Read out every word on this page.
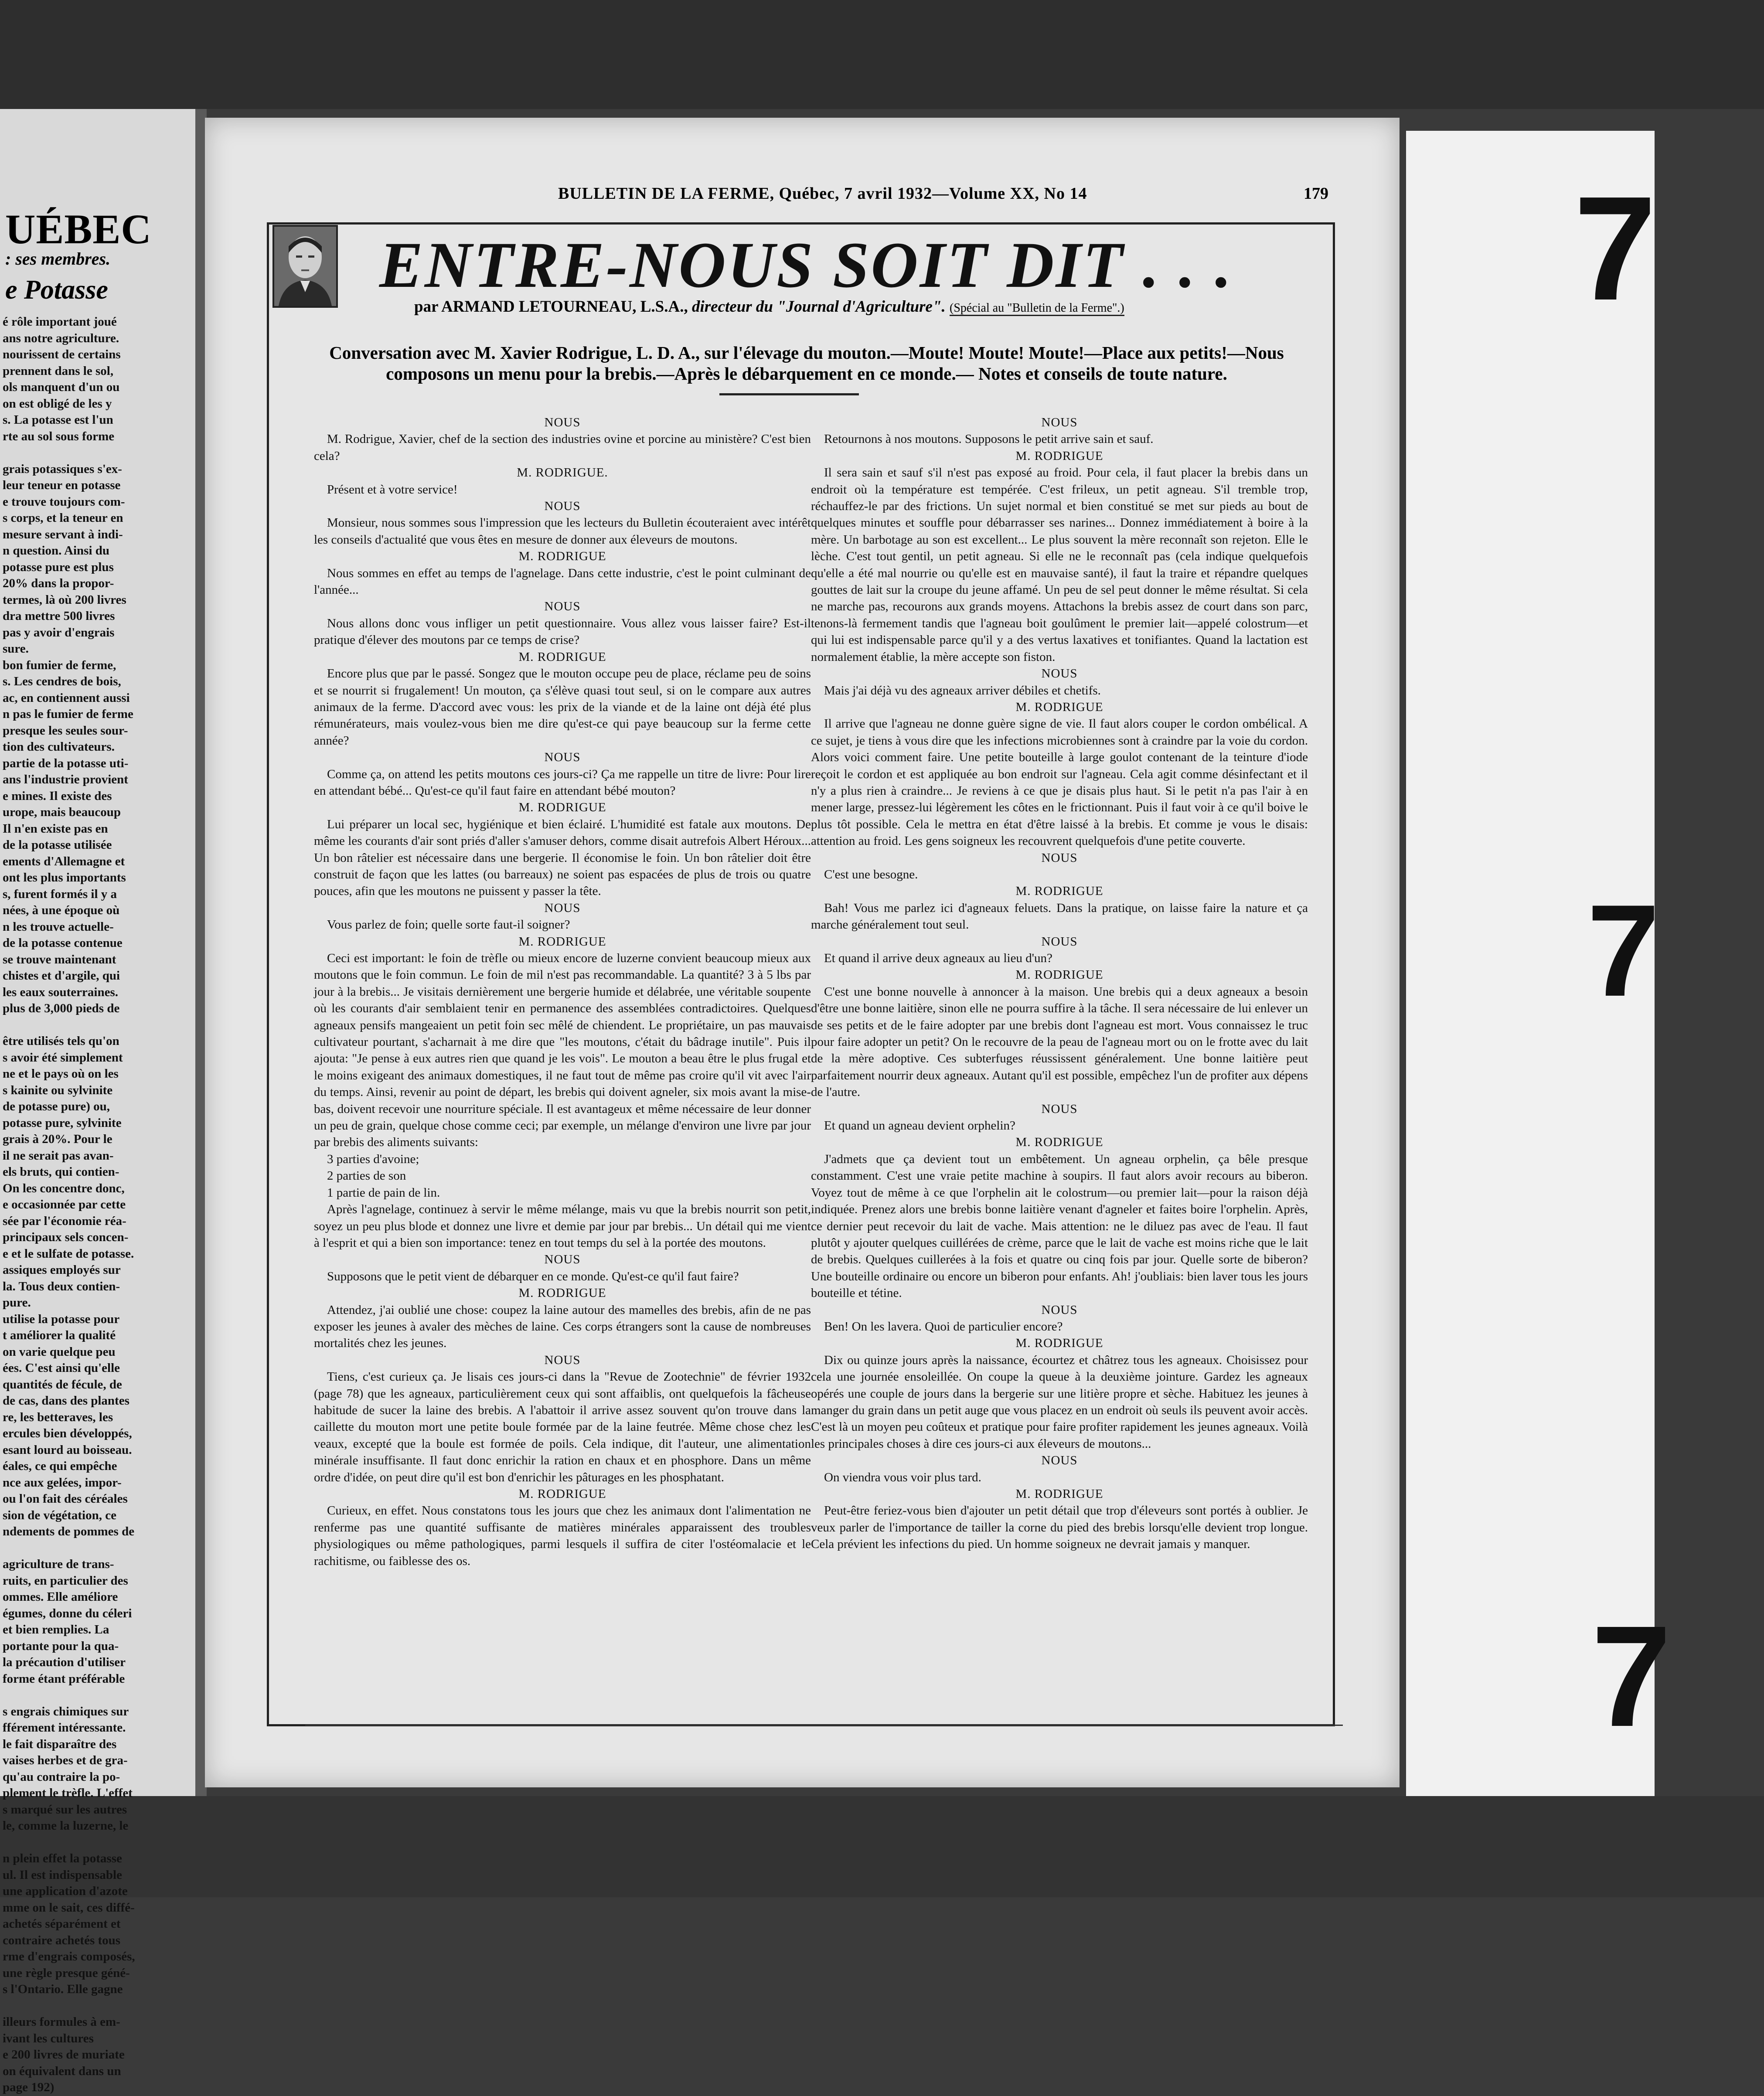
UÉBEC
: ses membres.
e Potasse
é rôle important joué
ans notre agriculture.
nourissent de certains
prennent dans le sol,
ols manquent d'un ou
on est obligé de les y
s. La potasse est l'un
rte au sol sous forme

grais potassiques s'ex-
leur teneur en potasse
e trouve toujours com-
s corps, et la teneur en
mesure servant à indi-
n question. Ainsi du
potasse pure est plus
20% dans la propor-
termes, là où 200 livres
dra mettre 500 livres
pas y avoir d'engrais
sure.
bon fumier de ferme,
s. Les cendres de bois,
ac, en contiennent aussi
n pas le fumier de ferme
presque les seules sour-
tion des cultivateurs.
partie de la potasse uti-
ans l'industrie provient
e mines. Il existe des
urope, mais beaucoup
Il n'en existe pas en
de la potasse utilisée
ements d'Allemagne et
ont les plus importants
s, furent formés il y a
nées, à une époque où
n les trouve actuelle-
de la potasse contenue
se trouve maintenant
chistes et d'argile, qui
les eaux souterraines.
plus de 3,000 pieds de

être utilisés tels qu'on
s avoir été simplement
ne et le pays où on les
s kainite ou sylvinite
de potasse pure) ou,
potasse pure, sylvinite
grais à 20%. Pour le
il ne serait pas avan-
els bruts, qui contien-
On les concentre donc,
e occasionnée par cette
sée par l'économie réa-
principaux sels concen-
e et le sulfate de potasse.
assiques employés sur
la. Tous deux contien-
pure.
utilise la potasse pour
t améliorer la qualité
on varie quelque peu
ées. C'est ainsi qu'elle
quantités de fécule, de
de cas, dans des plantes
re, les betteraves, les
ercules bien développés,
esant lourd au boisseau.
éales, ce qui empêche
nce aux gelées, impor-
ou l'on fait des céréales
sion de végétation, ce
ndements de pommes de

agriculture de trans-
ruits, en particulier des
ommes. Elle améliore
égumes, donne du céleri
et bien remplies. La
portante pour la qua-
la précaution d'utiliser
forme étant préférable

s engrais chimiques sur
fférement intéressante.
le fait disparaître des
vaises herbes et de gra-
qu'au contraire la po-
plement le trèfle. L'effet
s marqué sur les autres
le, comme la luzerne, le

n plein effet la potasse
ul. Il est indispensable
une application d'azote
mme on le sait, ces diffé-
achetés séparément et
contraire achetés tous
rme d'engrais composés,
une règle presque géné-
s l'Ontario. Elle gagne

illeurs formules à em-
ivant les cultures
e 200 livres de muriate
on équivalent dans un
page 192)
BULLETIN DE LA FERME, Québec, 7 avril 1932—Volume XX, No 14	179
ENTRE-NOUS SOIT DIT . . .
par ARMAND LETOURNEAU, L.S.A., directeur du "Journal d'Agriculture". (Spécial au "Bulletin de la Ferme".)
Conversation avec M. Xavier Rodrigue, L. D. A., sur l'élevage du mouton.—Moute! Moute! Moute!—Place aux petits!—Nous composons un menu pour la brebis.—Après le débarquement en ce monde.— Notes et conseils de toute nature.

NOUS

M. Rodrigue, Xavier, chef de la section des industries ovine et porcine au ministère? C'est bien cela?

M. RODRIGUE.

Présent et à votre service!

NOUS

Monsieur, nous sommes sous l'impression que les lecteurs du Bulletin écouteraient avec intérêt les conseils d'actualité que vous êtes en mesure de donner aux éleveurs de moutons.

M. RODRIGUE

Nous sommes en effet au temps de l'agnelage. Dans cette industrie, c'est le point culminant de l'année...

NOUS

Nous allons donc vous infliger un petit questionnaire. Vous allez vous laisser faire? Est-il pratique d'élever des moutons par ce temps de crise?

M. RODRIGUE

Encore plus que par le passé. Songez que le mouton occupe peu de place, réclame peu de soins et se nourrit si frugalement! Un mouton, ça s'élève quasi tout seul, si on le compare aux autres animaux de la ferme. D'accord avec vous: les prix de la viande et de la laine ont déjà été plus rémunérateurs, mais voulez-vous bien me dire qu'est-ce qui paye beaucoup sur la ferme cette année?

NOUS

Comme ça, on attend les petits moutons ces jours-ci? Ça me rappelle un titre de livre: Pour lire en attendant bébé... Qu'est-ce qu'il faut faire en attendant bébé mouton?

M. RODRIGUE

Lui préparer un local sec, hygiénique et bien éclairé. L'humidité est fatale aux moutons. De même les courants d'air sont priés d'aller s'amuser dehors, comme disait autrefois Albert Héroux... Un bon râtelier est nécessaire dans une bergerie. Il économise le foin. Un bon râtelier doit être construit de façon que les lattes (ou barreaux) ne soient pas espacées de plus de trois ou quatre pouces, afin que les moutons ne puissent y passer la tête.

NOUS

Vous parlez de foin; quelle sorte faut-il soigner?

M. RODRIGUE

Ceci est important: le foin de trèfle ou mieux encore de luzerne convient beaucoup mieux aux moutons que le foin commun. Le foin de mil n'est pas recommandable. La quantité? 3 à 5 lbs par jour à la brebis... Je visitais dernièrement une bergerie humide et délabrée, une véritable soupente où les courants d'air semblaient tenir en permanence des assemblées contradictoires. Quelques agneaux pensifs mangeaient un petit foin sec mêlé de chiendent. Le propriétaire, un pas mauvais cultivateur pourtant, s'acharnait à me dire que "les moutons, c'était du bâdrage inutile". Puis il ajouta: "Je pense à eux autres rien que quand je les vois". Le mouton a beau être le plus frugal et le moins exigeant des animaux domestiques, il ne faut tout de même pas croire qu'il vit avec l'air du temps. Ainsi, revenir au point de départ, les brebis qui doivent agneler, six mois avant la mise-bas, doivent recevoir une nourriture spéciale. Il est avantageux et même nécessaire de leur donner un peu de grain, quelque chose comme ceci; par exemple, un mélange d'environ une livre par jour par brebis des aliments suivants:

3 parties d'avoine;

2 parties de son

1 partie de pain de lin.

Après l'agnelage, continuez à servir le même mélange, mais vu que la brebis nourrit son petit, soyez un peu plus blode et donnez une livre et demie par jour par brebis... Un détail qui me vient à l'esprit et qui a bien son importance: tenez en tout temps du sel à la portée des moutons.

NOUS

Supposons que le petit vient de débarquer en ce monde. Qu'est-ce qu'il faut faire?

M. RODRIGUE

Attendez, j'ai oublié une chose: coupez la laine autour des mamelles des brebis, afin de ne pas exposer les jeunes à avaler des mèches de laine. Ces corps étrangers sont la cause de nombreuses mortalités chez les jeunes.

NOUS

Tiens, c'est curieux ça. Je lisais ces jours-ci dans la "Revue de Zootechnie" de février 1932 (page 78) que les agneaux, particulièrement ceux qui sont affaiblis, ont quelquefois la fâcheuse habitude de sucer la laine des brebis. A l'abattoir il arrive assez souvent qu'on trouve dans la caillette du mouton mort une petite boule formée par de la laine feutrée. Même chose chez les veaux, excepté que la boule est formée de poils. Cela indique, dit l'auteur, une alimentation minérale insuffisante. Il faut donc enrichir la ration en chaux et en phosphore. Dans un même ordre d'idée, on peut dire qu'il est bon d'enrichir les pâturages en les phosphatant.

M. RODRIGUE

Curieux, en effet. Nous constatons tous les jours que chez les animaux dont l'alimentation ne renferme pas une quantité suffisante de matières minérales apparaissent des troubles physiologiques ou même pathologiques, parmi lesquels il suffira de citer l'ostéomalacie et le rachitisme, ou faiblesse des os.

NOUS

Retournons à nos moutons. Supposons le petit arrive sain et sauf.

M. RODRIGUE

Il sera sain et sauf s'il n'est pas exposé au froid. Pour cela, il faut placer la brebis dans un endroit où la température est tempérée. C'est frileux, un petit agneau. S'il tremble trop, réchauffez-le par des frictions. Un sujet normal et bien constitué se met sur pieds au bout de quelques minutes et souffle pour débarrasser ses narines... Donnez immédiatement à boire à la mère. Un barbotage au son est excellent... Le plus souvent la mère reconnaît son rejeton. Elle le lèche. C'est tout gentil, un petit agneau. Si elle ne le reconnaît pas (cela indique quelquefois qu'elle a été mal nourrie ou qu'elle est en mauvaise santé), il faut la traire et répandre quelques gouttes de lait sur la croupe du jeune affamé. Un peu de sel peut donner le même résultat. Si cela ne marche pas, recourons aux grands moyens. Attachons la brebis assez de court dans son parc, tenons-là fermement tandis que l'agneau boit goulûment le premier lait—appelé colostrum—et qui lui est indispensable parce qu'il y a des vertus laxatives et tonifiantes. Quand la lactation est normalement établie, la mère accepte son fiston.

NOUS

Mais j'ai déjà vu des agneaux arriver débiles et chetifs.

M. RODRIGUE

Il arrive que l'agneau ne donne guère signe de vie. Il faut alors couper le cordon ombélical. A ce sujet, je tiens à vous dire que les infections microbiennes sont à craindre par la voie du cordon. Alors voici comment faire. Une petite bouteille à large goulot contenant de la teinture d'iode reçoit le cordon et est appliquée au bon endroit sur l'agneau. Cela agit comme désinfectant et il n'y a plus rien à craindre... Je reviens à ce que je disais plus haut. Si le petit n'a pas l'air à en mener large, pressez-lui légèrement les côtes en le frictionnant. Puis il faut voir à ce qu'il boive le plus tôt possible. Cela le mettra en état d'être laissé à la brebis. Et comme je vous le disais: attention au froid. Les gens soigneux les recouvrent quelquefois d'une petite couverte.

NOUS

C'est une besogne.

M. RODRIGUE

Bah! Vous me parlez ici d'agneaux feluets. Dans la pratique, on laisse faire la nature et ça marche généralement tout seul.

NOUS

Et quand il arrive deux agneaux au lieu d'un?

M. RODRIGUE

C'est une bonne nouvelle à annoncer à la maison. Une brebis qui a deux agneaux a besoin d'être une bonne laitière, sinon elle ne pourra suffire à la tâche. Il sera nécessaire de lui enlever un de ses petits et de le faire adopter par une brebis dont l'agneau est mort. Vous connaissez le truc pour faire adopter un petit? On le recouvre de la peau de l'agneau mort ou on le frotte avec du lait de la mère adoptive. Ces subterfuges réussissent généralement. Une bonne laitière peut parfaitement nourrir deux agneaux. Autant qu'il est possible, empêchez l'un de profiter aux dépens de l'autre.

NOUS

Et quand un agneau devient orphelin?

M. RODRIGUE

J'admets que ça devient tout un embêtement. Un agneau orphelin, ça bêle presque constamment. C'est une vraie petite machine à soupirs. Il faut alors avoir recours au biberon. Voyez tout de même à ce que l'orphelin ait le colostrum—ou premier lait—pour la raison déjà indiquée. Prenez alors une brebis bonne laitière venant d'agneler et faites boire l'orphelin. Après, ce dernier peut recevoir du lait de vache. Mais attention: ne le diluez pas avec de l'eau. Il faut plutôt y ajouter quelques cuillérées de crème, parce que le lait de vache est moins riche que le lait de brebis. Quelques cuillerées à la fois et quatre ou cinq fois par jour. Quelle sorte de biberon? Une bouteille ordinaire ou encore un biberon pour enfants. Ah! j'oubliais: bien laver tous les jours bouteille et tétine.

NOUS

Ben! On les lavera. Quoi de particulier encore?

M. RODRIGUE

Dix ou quinze jours après la naissance, écourtez et châtrez tous les agneaux. Choisissez pour cela une journée ensoleillée. On coupe la queue à la deuxième jointure. Gardez les agneaux opérés une couple de jours dans la bergerie sur une litière propre et sèche. Habituez les jeunes à manger du grain dans un petit auge que vous placez en un endroit où seuls ils peuvent avoir accès. C'est là un moyen peu coûteux et pratique pour faire profiter rapidement les jeunes agneaux. Voilà les principales choses à dire ces jours-ci aux éleveurs de moutons...

NOUS

On viendra vous voir plus tard.

M. RODRIGUE

Peut-être feriez-vous bien d'ajouter un petit détail que trop d'éleveurs sont portés à oublier. Je veux parler de l'importance de tailler la corne du pied des brebis lorsqu'elle devient trop longue. Cela prévient les infections du pied. Un homme soigneux ne devrait jamais y manquer.

7
7
7
